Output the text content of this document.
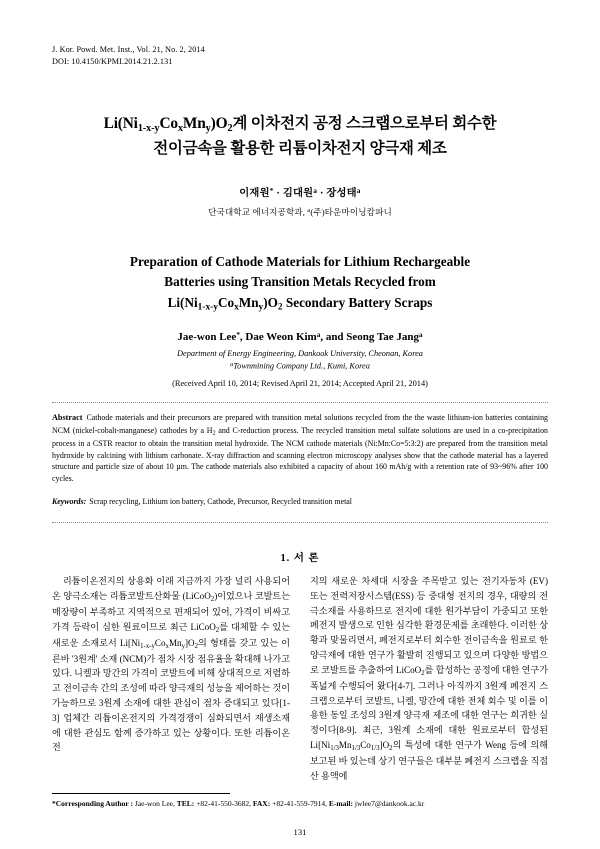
J. Kor. Powd. Met. Inst., Vol. 21, No. 2, 2014
DOI: 10.4150/KPMI.2014.21.2.131
$Li(Ni_{1-x-y}Co_xMn_y)O_2$계 이차전지 공정 스크랩으로부터 회수한
전이금속을 활용한 리튬이차전지 양극재 제조
이재원* · 김대원$^a$ · 장성태$^a$
단국대학교 에너지공학과, $^a$(주)타운마이닝캄파니
Preparation of Cathode Materials for Lithium Rechargeable
Batteries using Transition Metals Recycled from
$Li(Ni_{1-x-y}Co_xMn_y)O_2$ Secondary Battery Scraps
Jae-won Lee*, Dae Weon Kim$^a$, and Seong Tae Jang$^a$
Department of Energy Engineering, Dankook University, Cheonan, Korea
$^a$Townmining Company Ltd., Kumi, Korea
(Received April 10, 2014; Revised April 21, 2014; Accepted April 21, 2014)
Abstract Cathode materials and their precursors are prepared with transition metal solutions recycled from the the waste lithium-ion batteries containing NCM (nickel-cobalt-manganese) cathodes by a $H_2$ and C-reduction process. The recycled transition metal sulfate solutions are used in a co-precipitation process in a CSTR reactor to obtain the transition metal hydroxide. The NCM cathode materials (Ni:Mn:Co=5:3:2) are prepared from the transition metal hydroxide by calcining with lithium carbonate. X-ray diffraction and scanning electron microscopy analyses show that the cathode material has a layered structure and particle size of about 10 µm. The cathode materials also exhibited a capacity of about 160 mAh/g with a retention rate of 93~96% after 100 cycles.
Keywords: Scrap recycling, Lithium ion battery, Cathode, Precursor, Recycled transition metal
1. 서 론

리튬이온전지의 상용화 이래 지금까지 가장 널리 사용되어 온 양극소재는 리튬코발트산화물 (LiCoO$_2$)이었으나 코발트는 매장량이 부족하고 지역적으로 편재되어 있어, 가격이 비싸고 가격 등락이 심한 원료이므로 최근 LiCoO$_2$를 대체할 수 있는 새로운 소재로서 $Li[Ni_{1-x-y}Co_xMn_y]O_2$의 형태를 갖고 있는 이른바 '3원계' 소재 (NCM)가 점차 시장 점유율을 확대해 나가고 있다. 니켈과 망간의 가격이 코발트에 비해 상대적으로 저렴하고 전이금속 간의 조성에 따라 양극재의 성능을 제어하는 것이 가능하므로 3원계 소재에 대한 관심이 점차 증대되고 있다[1-3] 업체간 리튬이온전지의 가격경쟁이 심화되면서 재생소재에 대한 관심도 함께 증가하고 있는 상황이다. 또한 리튬이온전

지의 새로운 차세대 시장을 주목받고 있는 전기자동차 (EV) 또는 전력저장시스템(ESS) 등 중대형 전지의 경우, 대량의 전극소재를 사용하므로 전지에 대한 원가부담이 가중되고 또한 폐전지 발생으로 인한 심각한 환경문제를 초래한다. 이러한 상황과 맞물리면서, 폐전지로부터 회수한 전이금속을 원료로 한 양극재에 대한 연구가 활발히 진행되고 있으며 다양한 방법으로 코발트를 추출하여 LiCoO$_2$를 합성하는 공정에 대한 연구가 폭넓게 수행되어 왔다[4-7]. 그러나 아직까지 3원계 폐전지 스크랩으로부터 코발트, 니켈, 망간에 대한 전체 회수 및 이를 이용한 동일 조성의 3원계 양극재 제조에 대한 연구는 희귀한 실정이다[8-9]. 최근, 3원계 소재에 대한 원료로부터 합성된 $Li[Ni_{1/3}Mn_{1/3}Co_{1/3}]O_2$의 특성에 대한 연구가 Weng 등에 의해 보고된 바 있는데 상기 연구들은 대부분 폐전지 스크랩을 직접 산 용액에

*Corresponding Author : Jae-won Lee, TEL: +82-41-550-3682, FAX: +82-41-559-7914, E-mail: jwlee7@dankook.ac.kr
131
